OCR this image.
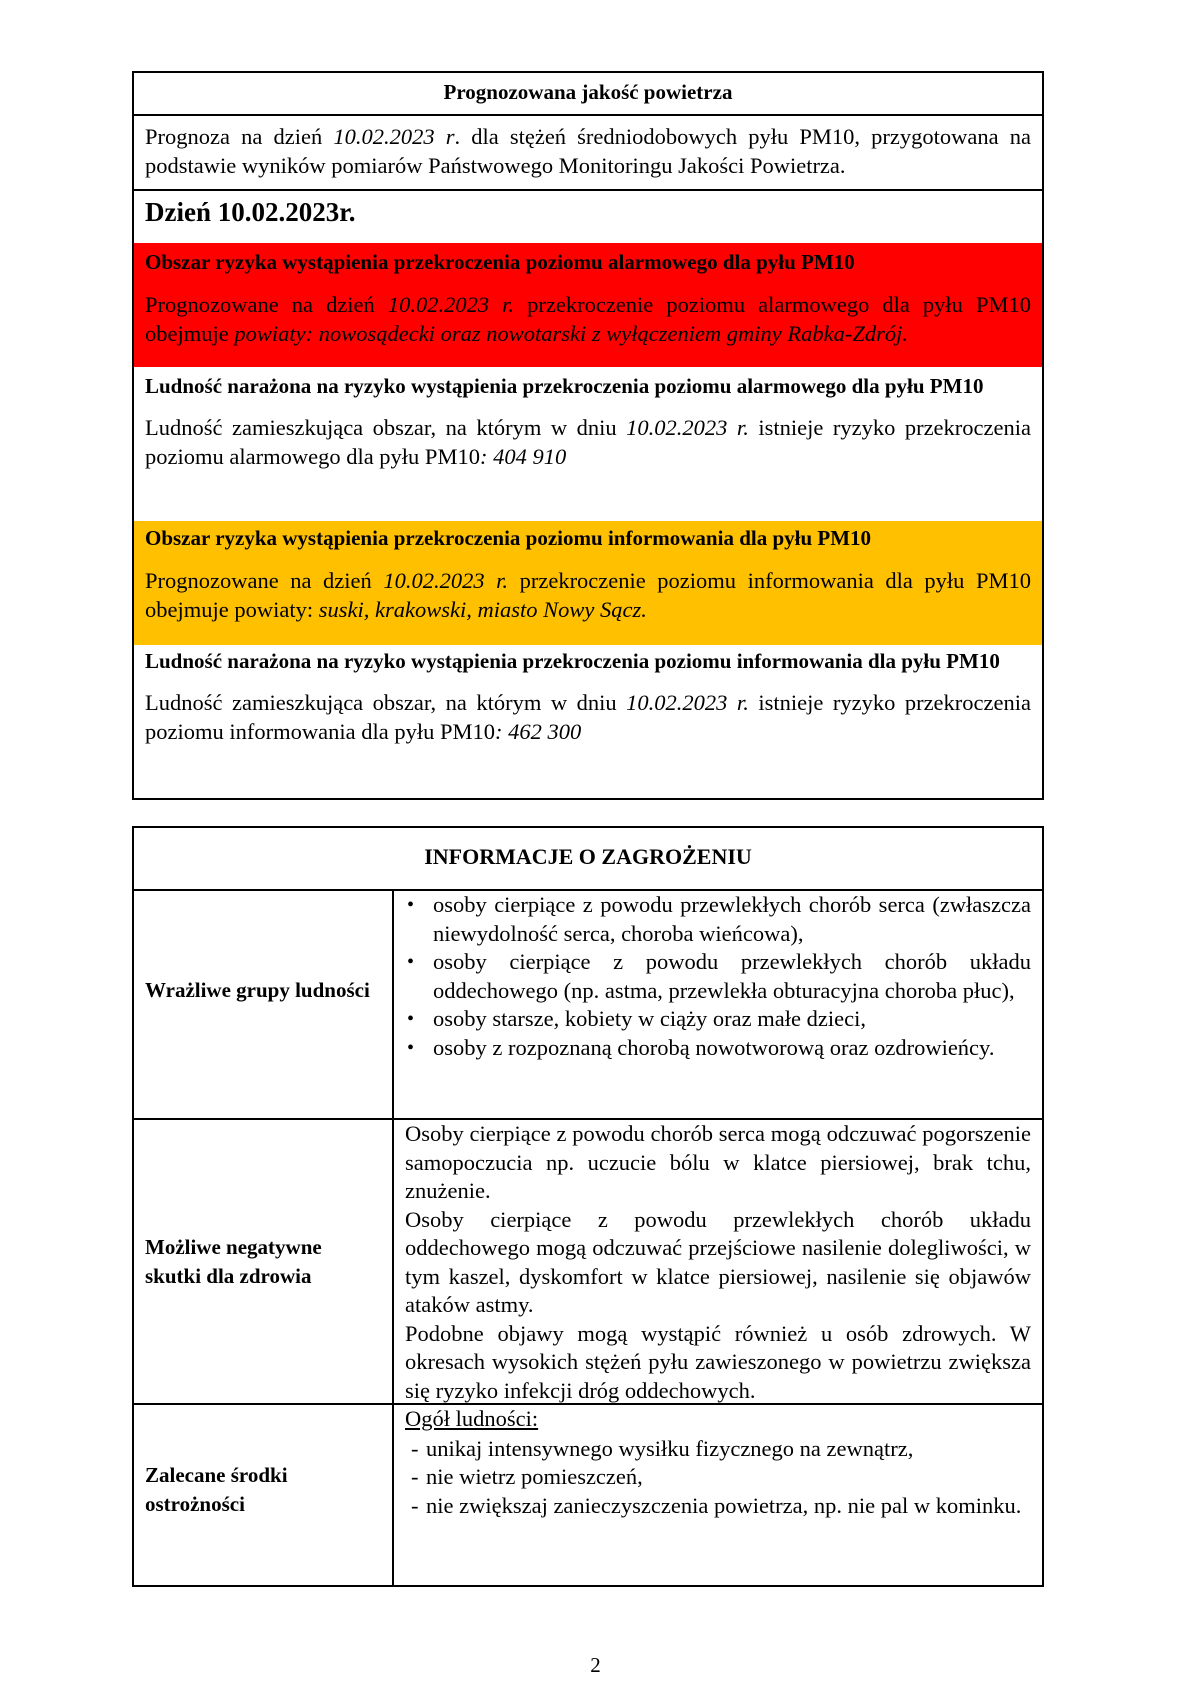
Prognozowana jakość powietrza
Prognoza na dzień 10.02.2023 r. dla stężeń średniodobowych pyłu PM10, przygotowana na podstawie wyników pomiarów Państwowego Monitoringu Jakości Powietrza.
Dzień 10.02.2023r.
Obszar ryzyka wystąpienia przekroczenia poziomu alarmowego dla pyłu PM10
Prognozowane na dzień 10.02.2023 r. przekroczenie poziomu alarmowego dla pyłu PM10 obejmuje powiaty: nowosądecki oraz nowotarski z wyłączeniem gminy Rabka-Zdrój.
Ludność narażona na ryzyko wystąpienia przekroczenia poziomu alarmowego dla pyłu PM10
Ludność zamieszkująca obszar, na którym w dniu 10.02.2023 r. istnieje ryzyko przekroczenia poziomu alarmowego dla pyłu PM10: 404 910
Obszar ryzyka wystąpienia przekroczenia poziomu informowania dla pyłu PM10
Prognozowane na dzień 10.02.2023 r. przekroczenie poziomu informowania dla pyłu PM10 obejmuje powiaty: suski, krakowski, miasto Nowy Sącz.
Ludność narażona na ryzyko wystąpienia przekroczenia poziomu informowania dla pyłu PM10
Ludność zamieszkująca obszar, na którym w dniu 10.02.2023 r. istnieje ryzyko przekroczenia poziomu informowania dla pyłu PM10: 462 300
INFORMACJE O ZAGROŻENIU
Wrażliwe grupy ludności
• osoby cierpiące z powodu przewlekłych chorób serca (zwłaszcza niewydolność serca, choroba wieńcowa),
• osoby cierpiące z powodu przewlekłych chorób układu oddechowego (np. astma, przewlekła obturacyjna choroba płuc),
• osoby starsze, kobiety w ciąży oraz małe dzieci,
• osoby z rozpoznaną chorobą nowotworową oraz ozdrowieńcy.
Możliwe negatywne skutki dla zdrowia
Osoby cierpiące z powodu chorób serca mogą odczuwać pogorszenie samopoczucia np. uczucie bólu w klatce piersiowej, brak tchu, znużenie.
Osoby cierpiące z powodu przewlekłych chorób układu oddechowego mogą odczuwać przejściowe nasilenie dolegliwości, w tym kaszel, dyskomfort w klatce piersiowej, nasilenie się objawów ataków astmy.
Podobne objawy mogą wystąpić również u osób zdrowych. W okresach wysokich stężeń pyłu zawieszonego w powietrzu zwiększa się ryzyko infekcji dróg oddechowych.
Zalecane środki ostrożności
Ogół ludności:
- unikaj intensywnego wysiłku fizycznego na zewnątrz,
- nie wietrz pomieszczeń,
- nie zwiększaj zanieczyszczenia powietrza, np. nie pal w kominku.
2
